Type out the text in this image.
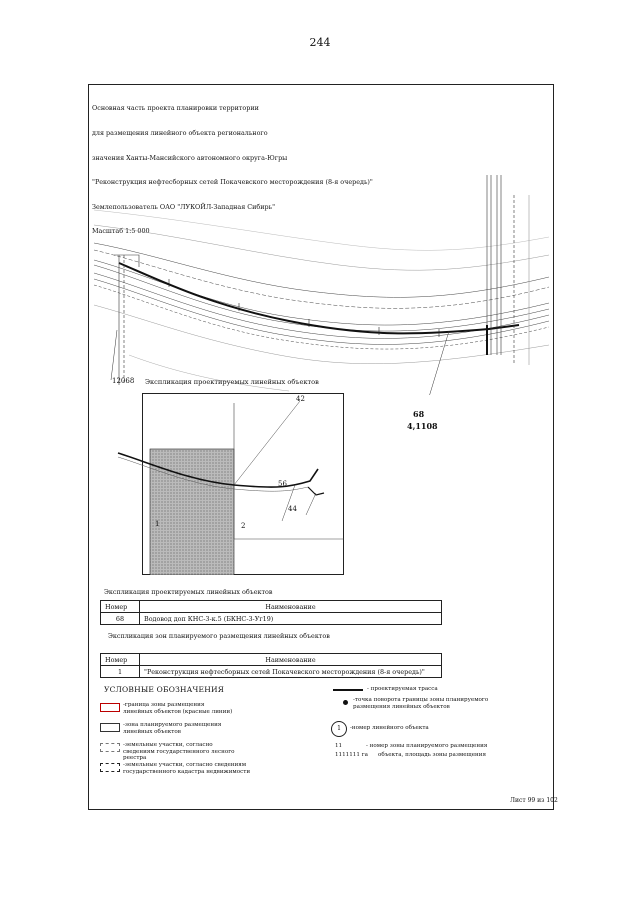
244

Основная часть проекта планировки территории

для размещения линейного объекта регионального

значения Ханты-Мансийского автономного округа-Югры

"Реконструкция нефтесборных сетей Покачевского месторождения (8-я очередь)"

Землепользователь ОАО "ЛУКОЙЛ-Западная Сибирь"

Масштаб 1:5 000

12068
68
4,1108
Экспликация проектируемых линейных объектов
42
56
44
1	2
Экспликация проектируемых линейных объектов
Номер	Наименование
68	Водовод доп КНС-3-к.5 (БКНС-3-Уг19)
Экспликация зон планируемого размещения линейных объектов
Номер	Наименование
1	"Реконструкция нефтесборных сетей Покачевского месторождения (8-я очередь)"
УСЛОВНЫЕ ОБОЗНАЧЕНИЯ
-граница зоны размещения линейных объектов (красные линии)
-зона планируемого размещения линейных объектов
-земельные участки, согласно сведениям государственного лесного реестра
-земельные участки, согласно сведениям государственного кадастра недвижимости
- проектируемая трасса
-точка поворота границы зоны планируемого размещения линейных объектов
1	-номер линейного объекта
11	- номер зоны планируемого размещения
1111111 га объекта, площадь зоны размещения
Лист 99 из 102
